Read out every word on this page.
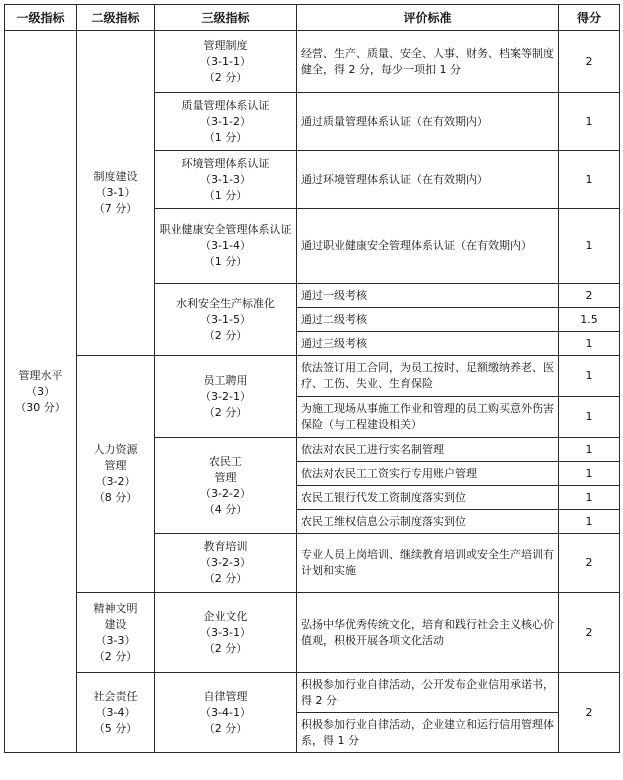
一级指标	二级指标	三级指标	评价标准	得分
管理水平
（3）
（30 分）	制度建设
（3-1）
（7 分）	管理制度
（3-1-1）
（2 分）	经营、生产、质量、安全、人事、财务、档案等制度健全，得 2 分，每少一项扣 1 分	2
		质量管理体系认证
（3-1-2）
（1 分）	通过质量管理体系认证（在有效期内）	1
		环境管理体系认证
（3-1-3）
（1 分）	通过环境管理体系认证（在有效期内）	1
		职业健康安全管理体系认证
（3-1-4）
（1 分）	通过职业健康安全管理体系认证（在有效期内）	1
		水利安全生产标准化
（3-1-5）
（2 分）	通过一级考核	2
			通过二级考核	1.5
			通过三级考核	1
	人力资源
管理
（3-2）
（8 分）	员工聘用
（3-2-1）
（2 分）	依法签订用工合同，为员工按时、足额缴纳养老、医疗、工伤、失业、生育保险	1
			为施工现场从事施工作业和管理的员工购买意外伤害保险（与工程建设相关）	1
		农民工
管理
（3-2-2）
（4 分）	依法对农民工进行实名制管理	1
			依法对农民工工资实行专用账户管理	1
			农民工银行代发工资制度落实到位	1
			农民工维权信息公示制度落实到位	1
		教育培训
（3-2-3）
（2 分）	专业人员上岗培训、继续教育培训或安全生产培训有计划和实施	2
	精神文明
建设
（3-3）
（2 分）	企业文化
（3-3-1）
（2 分）	弘扬中华优秀传统文化，培育和践行社会主义核心价值观，积极开展各项文化活动	2
	社会责任
（3-4）
（5 分）	自律管理
（3-4-1）
（2 分）	积极参加行业自律活动，公开发布企业信用承诺书，得 2 分	2
			积极参加行业自律活动，企业建立和运行信用管理体系，得 1 分	
